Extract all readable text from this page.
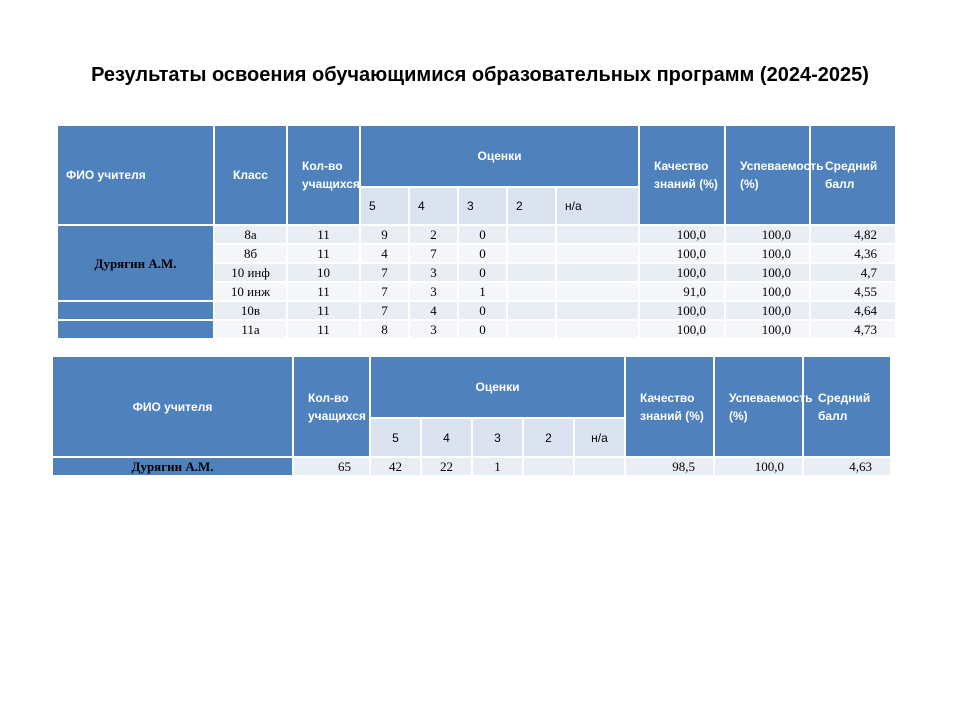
Результаты освоения обучающимися образовательных программ (2024-2025)
ФИО учителя	Класс	Кол-во учащихся	Оценки					Качество знаний (%)	Успеваемость (%)	Средний балл
			5	4	3	2	н/а			
Дурягин А.М.	8а	11	9	2	0			100,0	100,0	4,82
	8б	11	4	7	0			100,0	100,0	4,36
	10 инф	10	7	3	0			100,0	100,0	4,7
	10 инж	11	7	3	1			91,0	100,0	4,55
	10в	11	7	4	0			100,0	100,0	4,64
	11а	11	8	3	0			100,0	100,0	4,73
ФИО учителя	Кол-во учащихся	Оценки					Качество знаний (%)	Успеваемость (%)	Средний балл
		5	4	3	2	н/а			
Дурягин А.М.	65	42	22	1			98,5	100,0	4,63
